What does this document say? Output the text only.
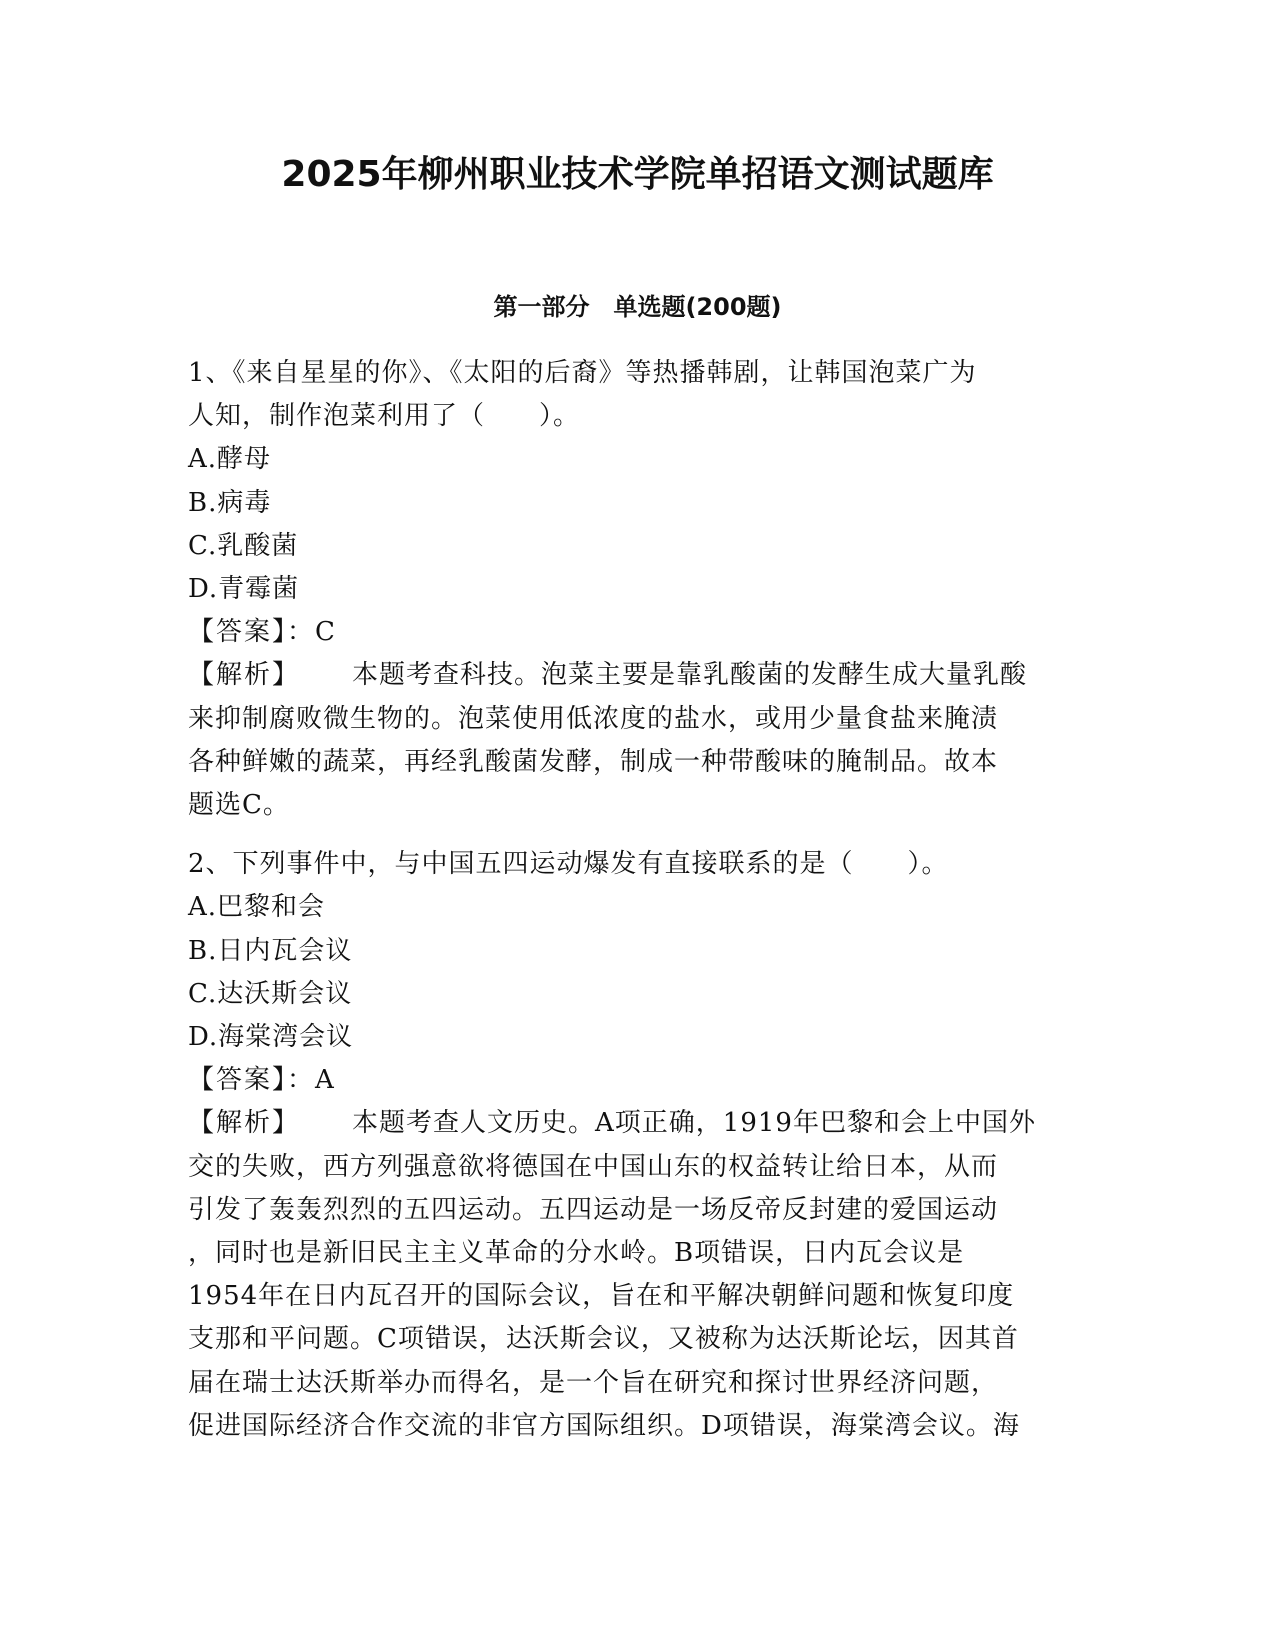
2025年柳州职业技术学院单招语文测试题库
第一部分　单选题(200题)
1、《来自星星的你》、《太阳的后裔》等热播韩剧，让韩国泡菜广为
人知，制作泡菜利用了（　　）。
A.酵母
B.病毒
C.乳酸菌
D.青霉菌
【答案】：C
【解析】 本题考查科技。泡菜主要是靠乳酸菌的发酵生成大量乳酸
来抑制腐败微生物的。泡菜使用低浓度的盐水，或用少量食盐来腌渍
各种鲜嫩的蔬菜，再经乳酸菌发酵，制成一种带酸味的腌制品。故本
题选C。
2、下列事件中，与中国五四运动爆发有直接联系的是（　　）。
A.巴黎和会
B.日内瓦会议
C.达沃斯会议
D.海棠湾会议
【答案】：A
【解析】 本题考查人文历史。A项正确，1919年巴黎和会上中国外
交的失败，西方列强意欲将德国在中国山东的权益转让给日本，从而
引发了轰轰烈烈的五四运动。五四运动是一场反帝反封建的爱国运动
，同时也是新旧民主主义革命的分水岭。B项错误，日内瓦会议是
1954年在日内瓦召开的国际会议，旨在和平解决朝鲜问题和恢复印度
支那和平问题。C项错误，达沃斯会议，又被称为达沃斯论坛，因其首
届在瑞士达沃斯举办而得名，是一个旨在研究和探讨世界经济问题，
促进国际经济合作交流的非官方国际组织。D项错误，海棠湾会议。海
